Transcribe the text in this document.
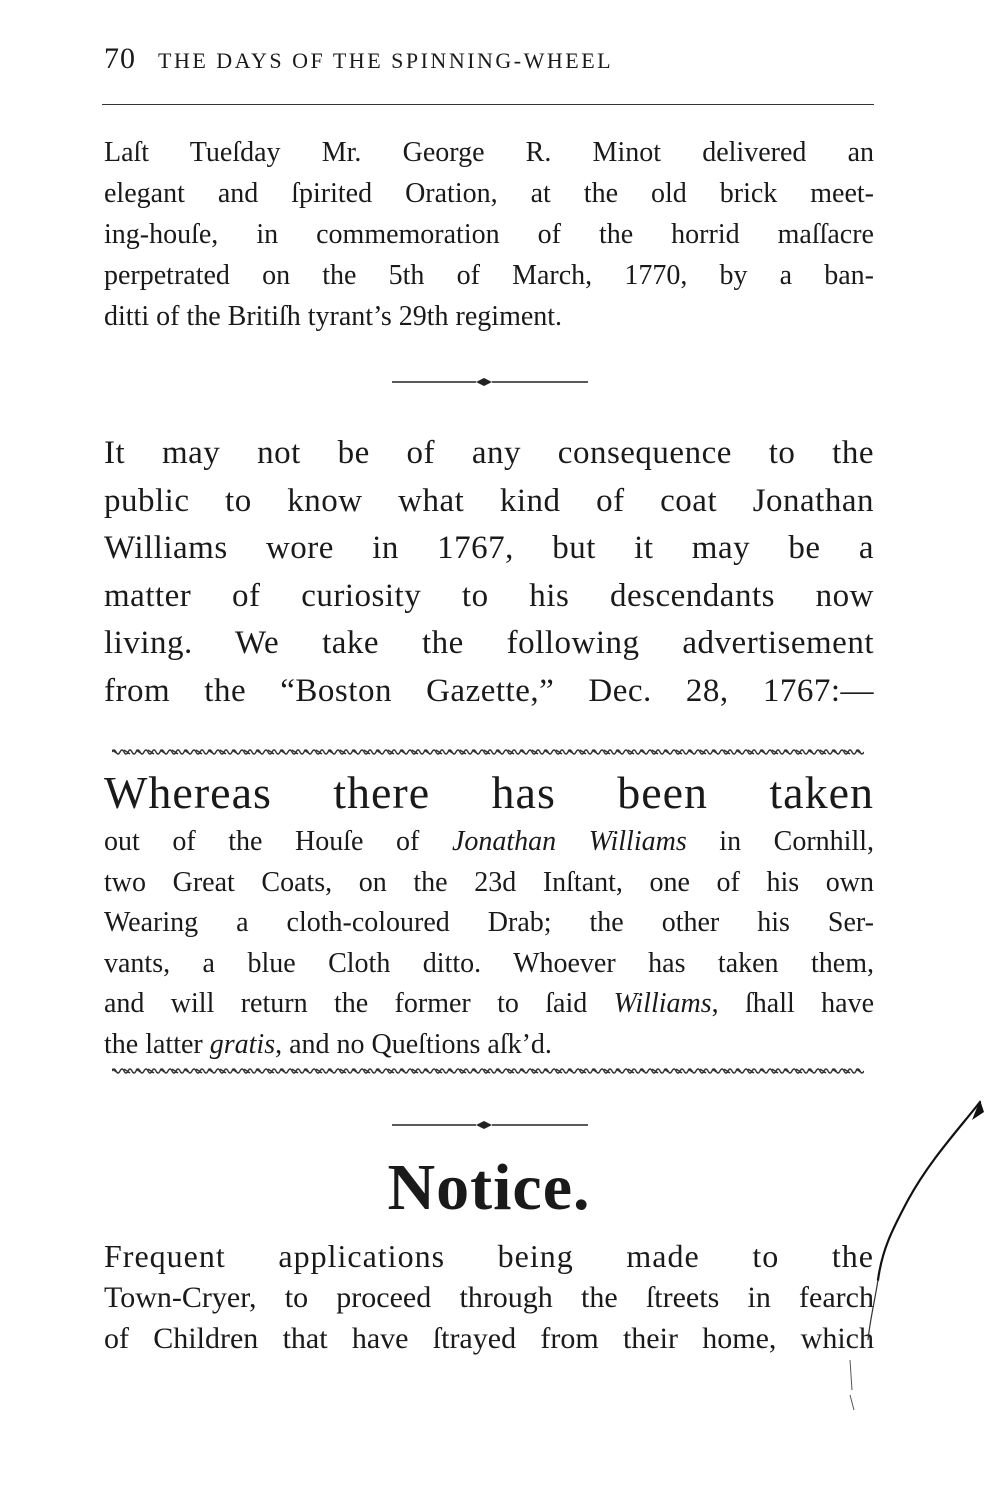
70 THE DAYS OF THE SPINNING-WHEEL
Laſt Tueſday Mr. George R. Minot delivered an
elegant and ſpirited Oration, at the old brick meet-
ing-houſe, in commemoration of the horrid maſſacre
perpetrated on the 5th of March, 1770, by a ban-
ditti of the Britiſh tyrant’s 29th regiment.
It may not be of any consequence to the
public to know what kind of coat Jonathan
Williams wore in 1767, but it may be a
matter of curiosity to his descendants now
living. We take the following advertisement
from the “Boston Gazette,” Dec. 28, 1767:—
Whereas there has been taken
out of the Houſe of Jonathan Williams in Cornhill,
two Great Coats, on the 23d Inſtant, one of his own
Wearing a cloth-coloured Drab; the other his Ser-
vants, a blue Cloth ditto. Whoever has taken them,
and will return the former to ſaid Williams, ſhall have
the latter gratis, and no Queſtions aſk’d.
Notice.
Frequent applications being made to the
Town-Cryer, to proceed through the ſtreets in fearch
of Children that have ſtrayed from their home, which
